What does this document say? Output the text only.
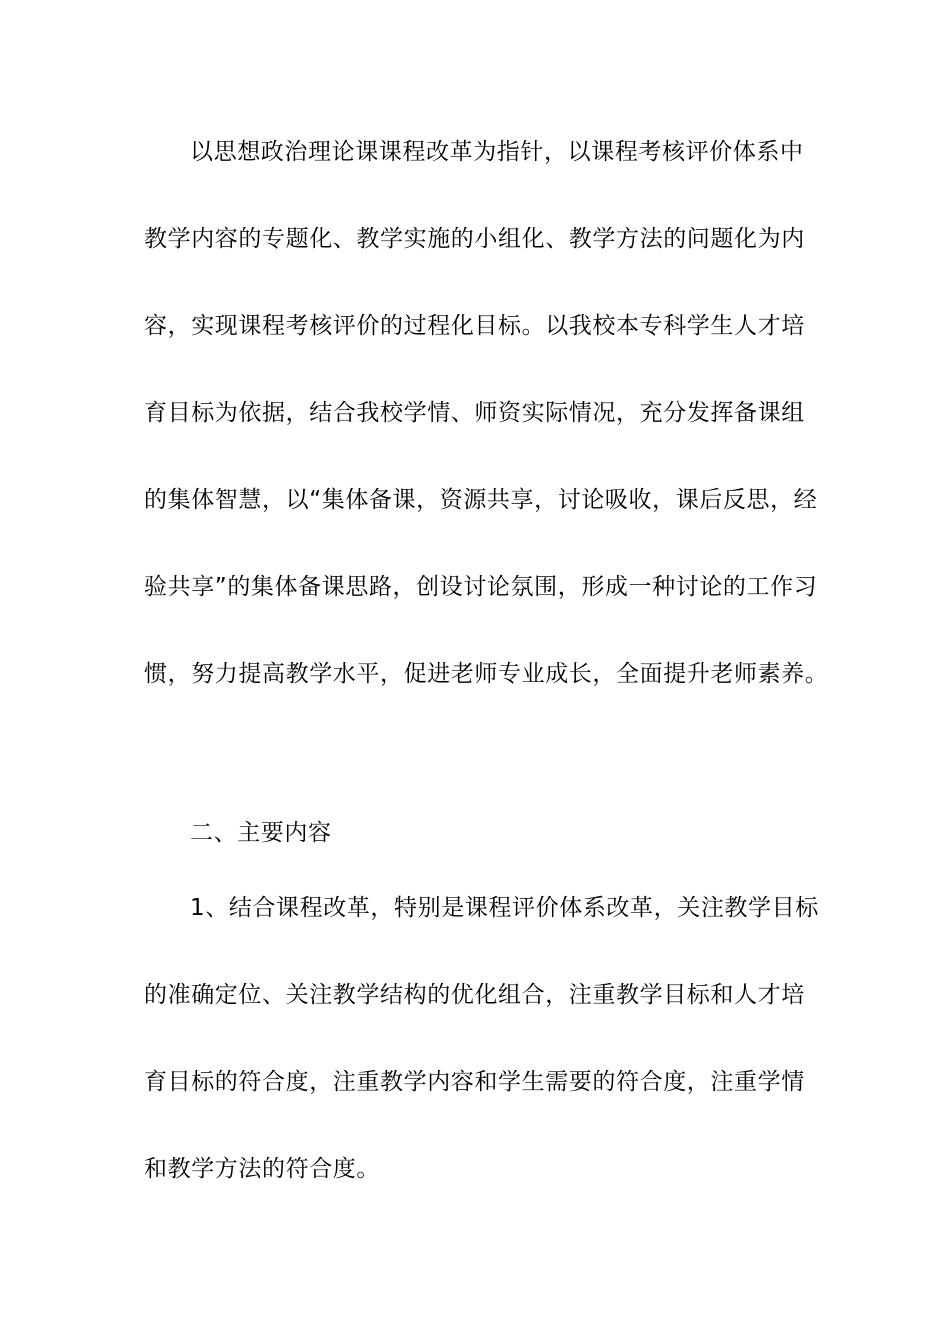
以思想政治理论课课程改革为指针，以课程考核评价体系中
教学内容的专题化、教学实施的小组化、教学方法的问题化为内
容，实现课程考核评价的过程化目标。以我校本专科学生人才培
育目标为依据，结合我校学情、师资实际情况，充分发挥备课组
的集体智慧，以“集体备课，资源共享，讨论吸收，课后反思，经
验共享”的集体备课思路，创设讨论氛围，形成一种讨论的工作习
惯，努力提高教学水平，促进老师专业成长，全面提升老师素养。
二、主要内容
1、结合课程改革，特别是课程评价体系改革，关注教学目标
的准确定位、关注教学结构的优化组合，注重教学目标和人才培
育目标的符合度，注重教学内容和学生需要的符合度，注重学情
和教学方法的符合度。
